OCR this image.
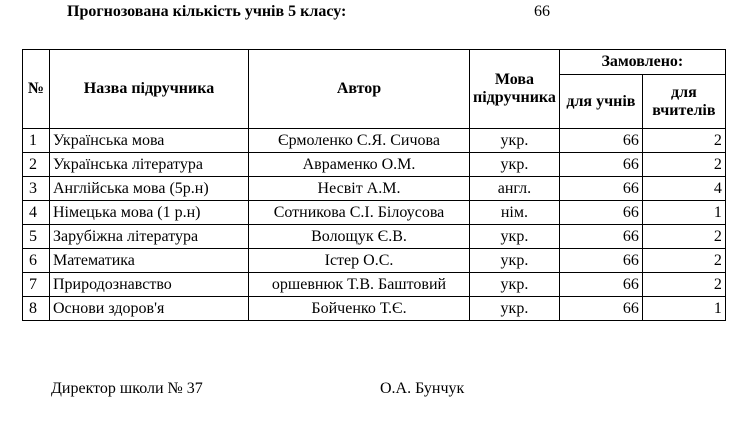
Прогнозована кількість учнів 5 класу:	66
№	Назва підручника	Автор	Мова підручника	Замовлено:	
				для учнів	для вчителів
1	Українська мова	Єрмоленко С.Я. Сичова	укр.	66	2
2	Українська література	Авраменко О.М.	укр.	66	2
3	Англійська мова (5р.н)	Несвіт А.М.	англ.	66	4
4	Німецька мова (1 р.н)	Сотникова С.І. Білоусова	нім.	66	1
5	Зарубіжна література	Волощук Є.В.	укр.	66	2
6	Математика	Істер О.С.	укр.	66	2
7	Природознавство	оршевнюк Т.В. Баштовий	укр.	66	2
8	Основи здоров'я	Бойченко Т.Є.	укр.	66	1
Директор школи № 37	О.А. Бунчук
